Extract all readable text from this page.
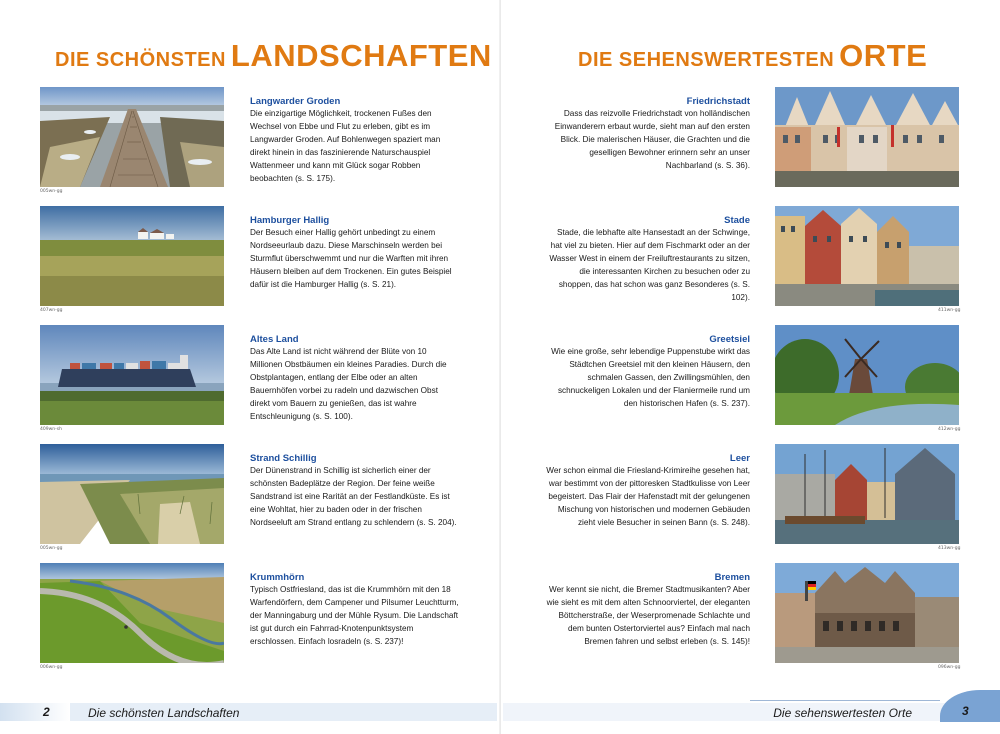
DIE SCHÖNSTEN LANDSCHAFTEN
005wn-gg
Langwarder Groden
Die einzigartige Möglichkeit, trockenen Fußes den Wechsel von Ebbe und Flut zu erleben, gibt es im Langwarder Groden. Auf Bohlenwegen spaziert man direkt hinein in das faszinierende Naturschauspiel Wattenmeer und kann mit Glück sogar Robben beobachten (s. S. 175).
407wn-gg
Hamburger Hallig
Der Besuch einer Hallig gehört unbedingt zu einem Nordseeurlaub dazu. Diese Marschinseln werden bei Sturmflut überschwemmt und nur die Warften mit ihren Häusern bleiben auf dem Trockenen. Ein gutes Beispiel dafür ist die Hamburger Hallig (s. S. 21).
409wn-sh
Altes Land
Das Alte Land ist nicht während der Blüte von 10 Millionen Obstbäumen ein kleines Paradies. Durch die Obstplantagen, entlang der Elbe oder an alten Bauernhöfen vorbei zu radeln und dazwischen Obst direkt vom Bauern zu genießen, das ist wahre Entschleunigung (s. S. 100).
005wn-gg
Strand Schillig
Der Dünenstrand in Schillig ist sicherlich einer der schönsten Badeplätze der Region. Der feine weiße Sandstrand ist eine Rarität an der Festlandküste. Es ist eine Wohltat, hier zu baden oder in der frischen Nordseeluft am Strand entlang zu schlendern (s. S. 204).
006wn-gg
Krummhörn
Typisch Ostfriesland, das ist die Krummhörn mit den 18 Warfendörfern, dem Campener und Pilsumer Leuchtturm, der Manningaburg und der Mühle Rysum. Die Landschaft ist gut durch ein Fahrrad-Knotenpunktsystem erschlossen. Einfach losradeln (s. S. 237)!
DIE SEHENSWERTESTEN ORTE
Friedrichstadt
Dass das reizvolle Friedrichstadt von holländischen Einwanderern erbaut wurde, sieht man auf den ersten Blick. Die malerischen Häuser, die Grachten und die geselligen Bewohner erinnern sehr an unser Nachbarland (s. S. 36).
Stade
Stade, die lebhafte alte Hansestadt an der Schwinge, hat viel zu bieten. Hier auf dem Fischmarkt oder an der Wasser West in einem der Freiluftrestaurants zu sitzen, die interessanten Kirchen zu besuchen oder zu shoppen, das hat schon was ganz Besonderes (s. S. 102).
411wn-gg
Greetsiel
Wie eine große, sehr lebendige Puppenstube wirkt das Städtchen Greetsiel mit den kleinen Häusern, den schmalen Gassen, den Zwillingsmühlen, den schnuckeligen Lokalen und der Flaniermeile rund um den historischen Hafen (s. S. 237).
412wn-gg
Leer
Wer schon einmal die Friesland-Krimireihe gesehen hat, war bestimmt von der pittoresken Stadtkulisse von Leer begeistert. Das Flair der Hafenstadt mit der gelungenen Mischung von historischen und modernen Gebäuden zieht viele Besucher in seinen Bann (s. S. 248).
413wn-gg
Bremen
Wer kennt sie nicht, die Bremer Stadtmusikanten? Aber wie sieht es mit dem alten Schnoorviertel, der eleganten Böttcherstraße, der Weserpromenade Schlachte und dem bunten Ostertorviertel aus? Einfach mal nach Bremen fahren und selbst erleben (s. S. 145)!
096wn-gg
2	Die schönsten Landschaften	Die sehenswertesten Orte	3
